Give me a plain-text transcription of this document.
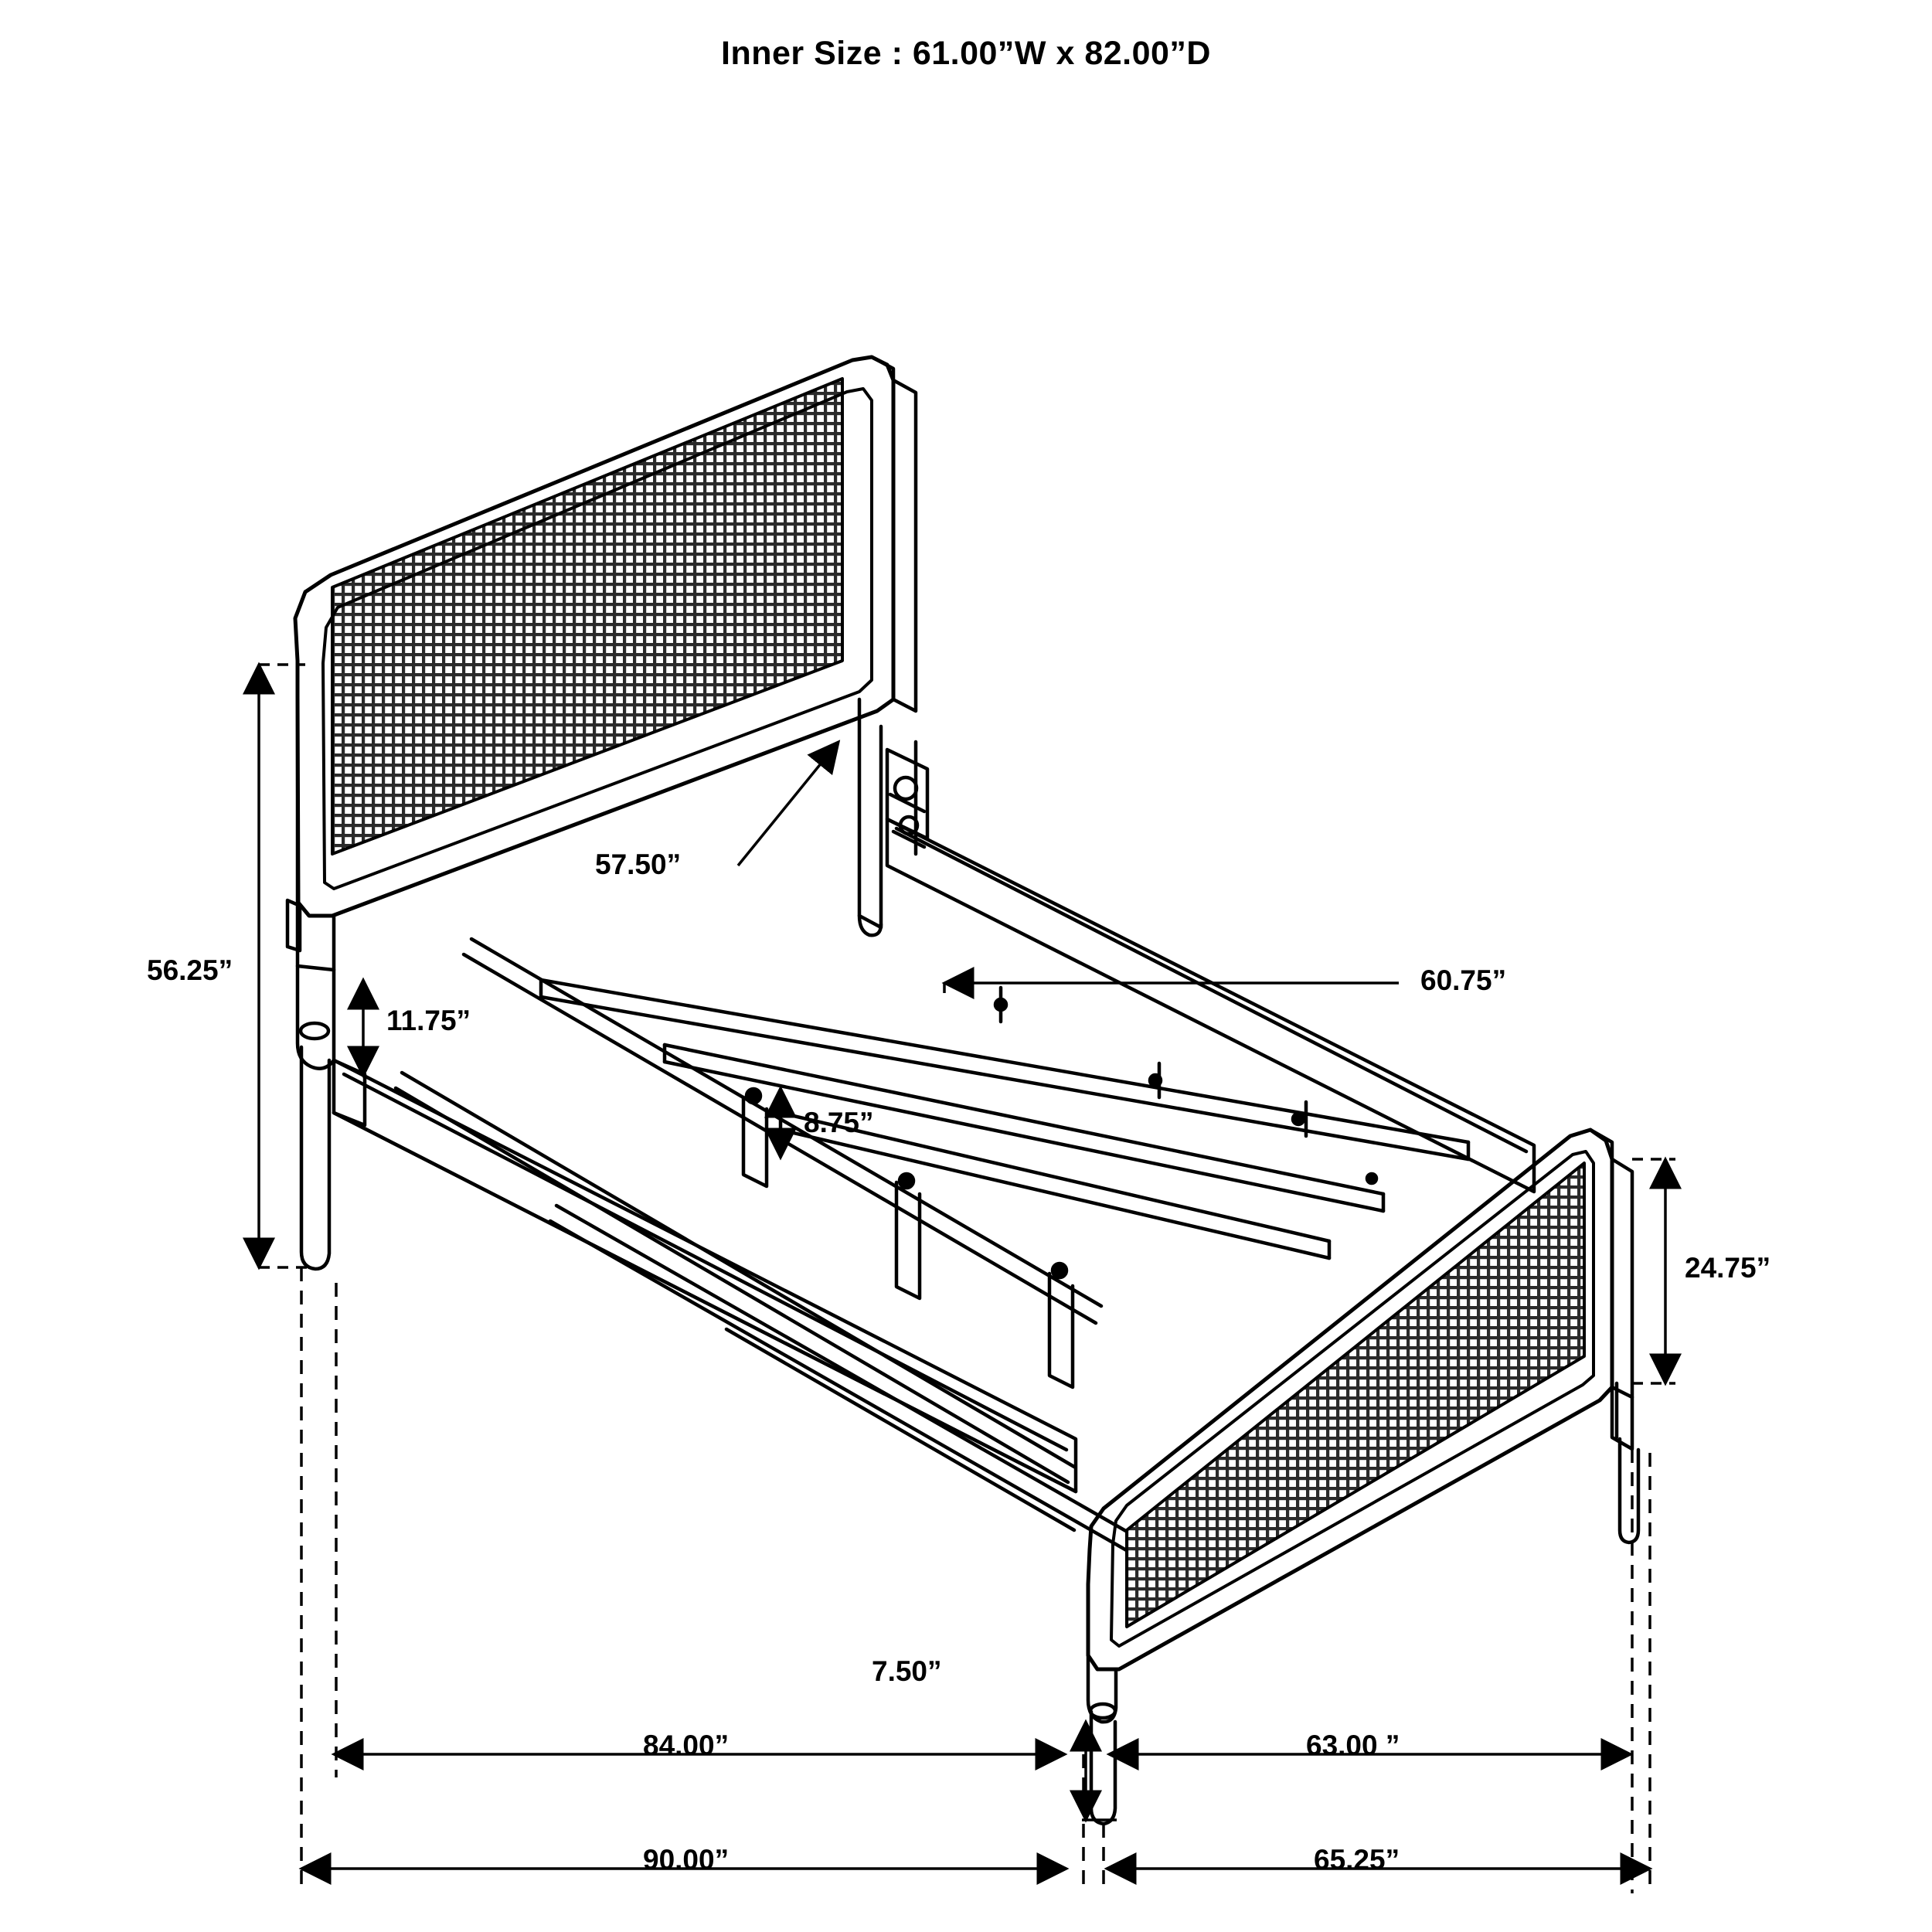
Inner Size : 61.00”W x 82.00”D
56.25”
57.50”
11.75”
60.75”
8.75”
24.75”
7.50”
84.00”	63.00 ”
90.00”	65.25”
